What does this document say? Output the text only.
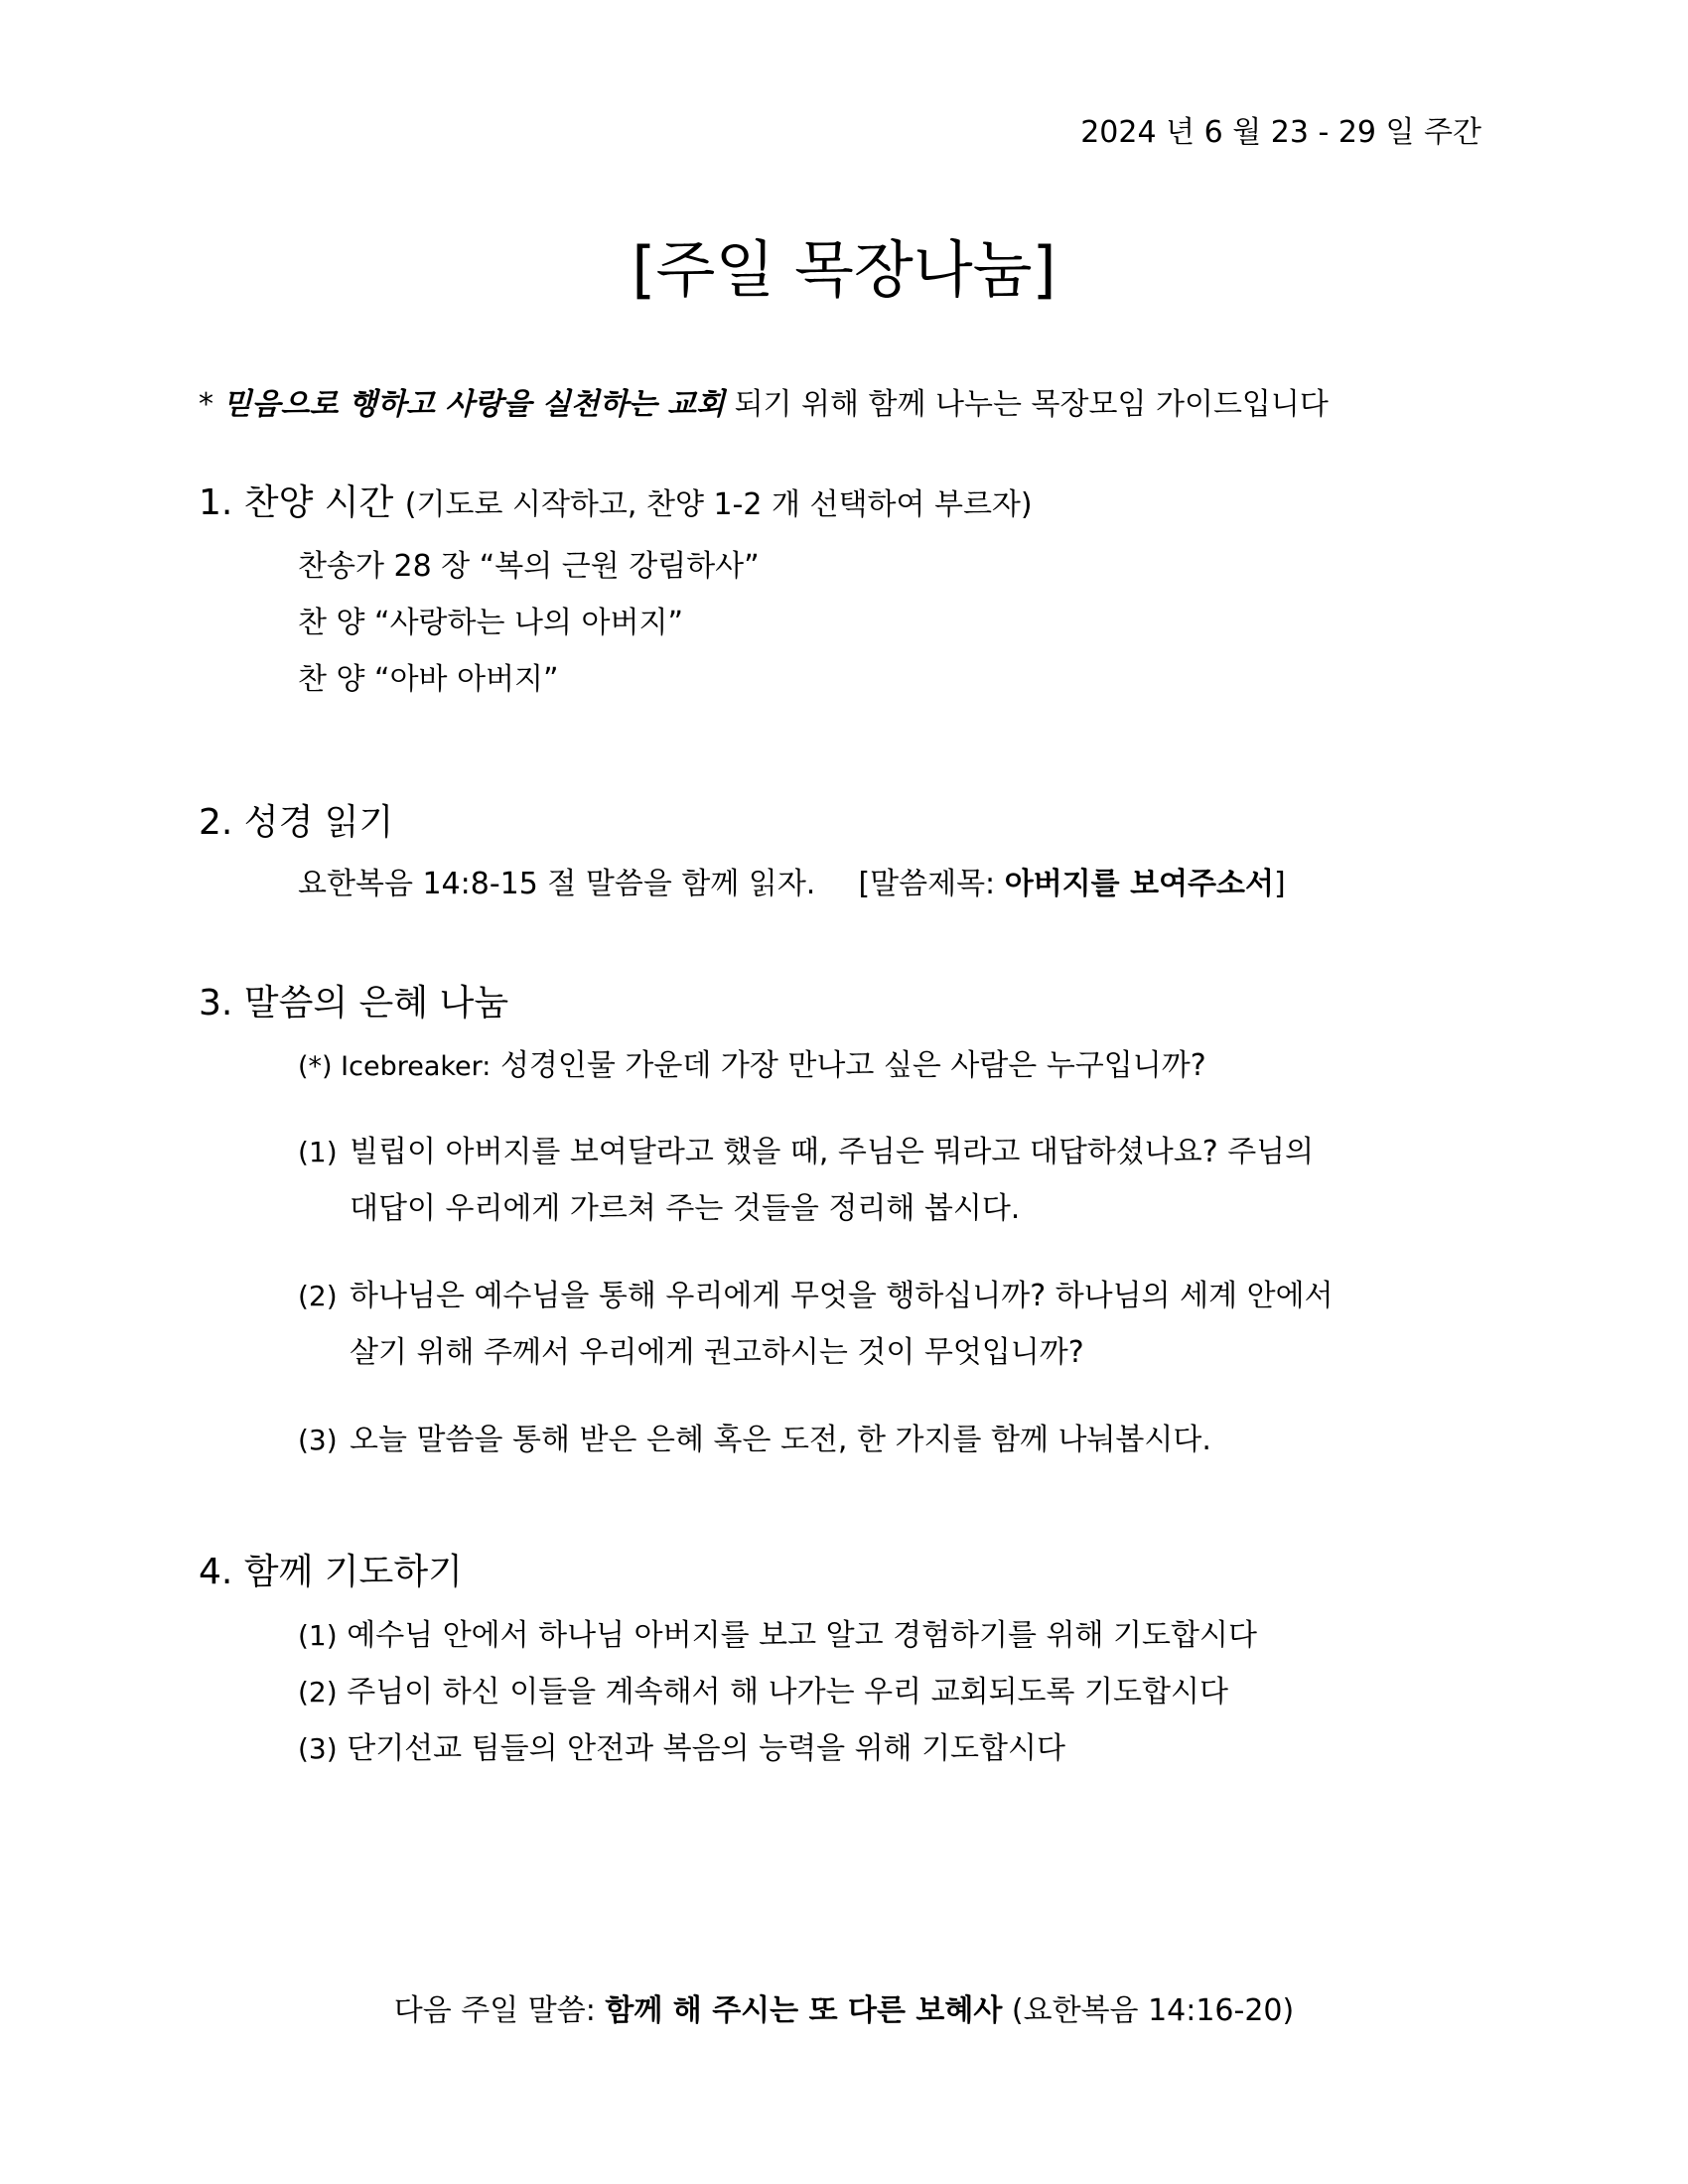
2024 년 6 월 23 - 29 일 주간
[주일 목장나눔]
* 믿음으로 행하고 사랑을 실천하는 교회 되기 위해 함께 나누는 목장모임 가이드입니다
1. 찬양 시간 (기도로 시작하고, 찬양 1-2 개 선택하여 부르자)
찬송가 28 장 “복의 근원 강림하사”
찬 양 “사랑하는 나의 아버지”
찬 양 “아바 아버지”
2. 성경 읽기
요한복음 14:8-15 절 말씀을 함께 읽자. [말씀제목: 아버지를 보여주소서]
3. 말씀의 은혜 나눔
(*) Icebreaker: 성경인물 가운데 가장 만나고 싶은 사람은 누구입니까?
(1) 빌립이 아버지를 보여달라고 했을 때, 주님은 뭐라고 대답하셨나요? 주님의
대답이 우리에게 가르쳐 주는 것들을 정리해 봅시다.
(2) 하나님은 예수님을 통해 우리에게 무엇을 행하십니까? 하나님의 세계 안에서
살기 위해 주께서 우리에게 권고하시는 것이 무엇입니까?
(3) 오늘 말씀을 통해 받은 은혜 혹은 도전, 한 가지를 함께 나눠봅시다.
4. 함께 기도하기
(1) 예수님 안에서 하나님 아버지를 보고 알고 경험하기를 위해 기도합시다
(2) 주님이 하신 이들을 계속해서 해 나가는 우리 교회되도록 기도합시다
(3) 단기선교 팀들의 안전과 복음의 능력을 위해 기도합시다
다음 주일 말씀: 함께 해 주시는 또 다른 보혜사 (요한복음 14:16-20)
